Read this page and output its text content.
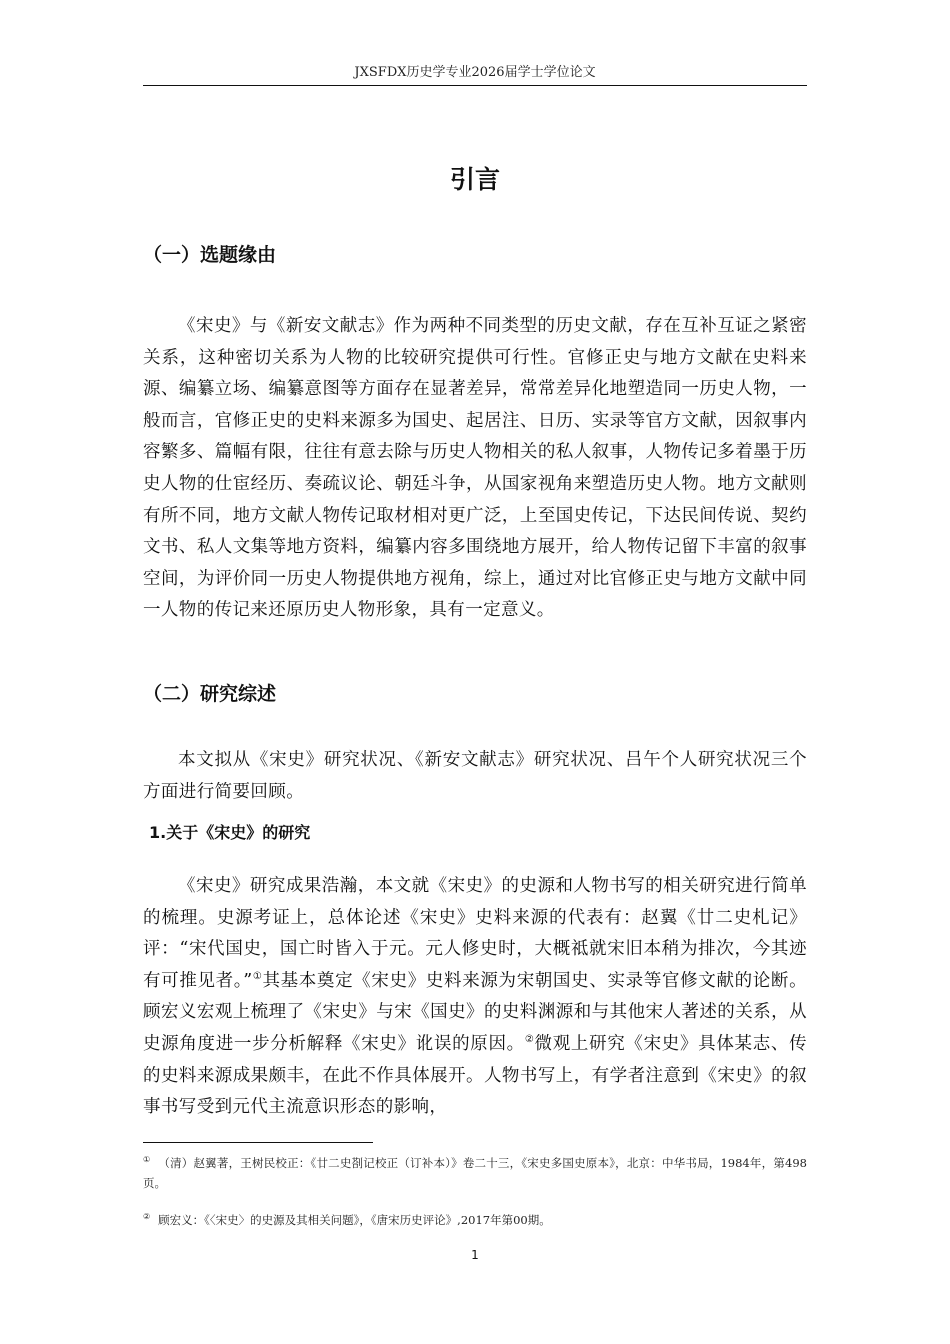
JXSFDX历史学专业2026届学士学位论文
引言
（一）选题缘由

《宋史》与《新安文献志》作为两种不同类型的历史文献，存在互补互证之紧密关系，这种密切关系为人物的比较研究提供可行性。官修正史与地方文献在史料来源、编纂立场、编纂意图等方面存在显著差异，常常差异化地塑造同一历史人物，一般而言，官修正史的史料来源多为国史、起居注、日历、实录等官方文献，因叙事内容繁多、篇幅有限，往往有意去除与历史人物相关的私人叙事，人物传记多着墨于历史人物的仕宦经历、奏疏议论、朝廷斗争，从国家视角来塑造历史人物。地方文献则有所不同，地方文献人物传记取材相对更广泛，上至国史传记，下达民间传说、契约文书、私人文集等地方资料，编纂内容多围绕地方展开，给人物传记留下丰富的叙事空间，为评价同一历史人物提供地方视角，综上，通过对比官修正史与地方文献中同一人物的传记来还原历史人物形象，具有一定意义。

（二）研究综述

本文拟从《宋史》研究状况、《新安文献志》研究状况、吕午个人研究状况三个方面进行简要回顾。

1.关于《宋史》的研究

《宋史》研究成果浩瀚，本文就《宋史》的史源和人物书写的相关研究进行简单的梳理。史源考证上，总体论述《宋史》史料来源的代表有：赵翼《廿二史札记》评：“宋代国史，国亡时皆入于元。元人修史时，大概祗就宋旧本稍为排次，今其迹有可推见者。”①其基本奠定《宋史》史料来源为宋朝国史、实录等官修文献的论断。顾宏义宏观上梳理了《宋史》与宋《国史》的史料渊源和与其他宋人著述的关系，从史源角度进一步分析解释《宋史》讹误的原因。②微观上研究《宋史》具体某志、传的史料来源成果颇丰，在此不作具体展开。人物书写上，有学者注意到《宋史》的叙事书写受到元代主流意识形态的影响，

① （清）赵翼著，王树民校正：《廿二史剳记校正（订补本）》卷二十三，《宋史多国史原本》，北京：中华书局，1984年，第498页。

② 顾宏义：《〈宋史〉的史源及其相关问题》，《唐宋历史评论》,2017年第00期。

1
